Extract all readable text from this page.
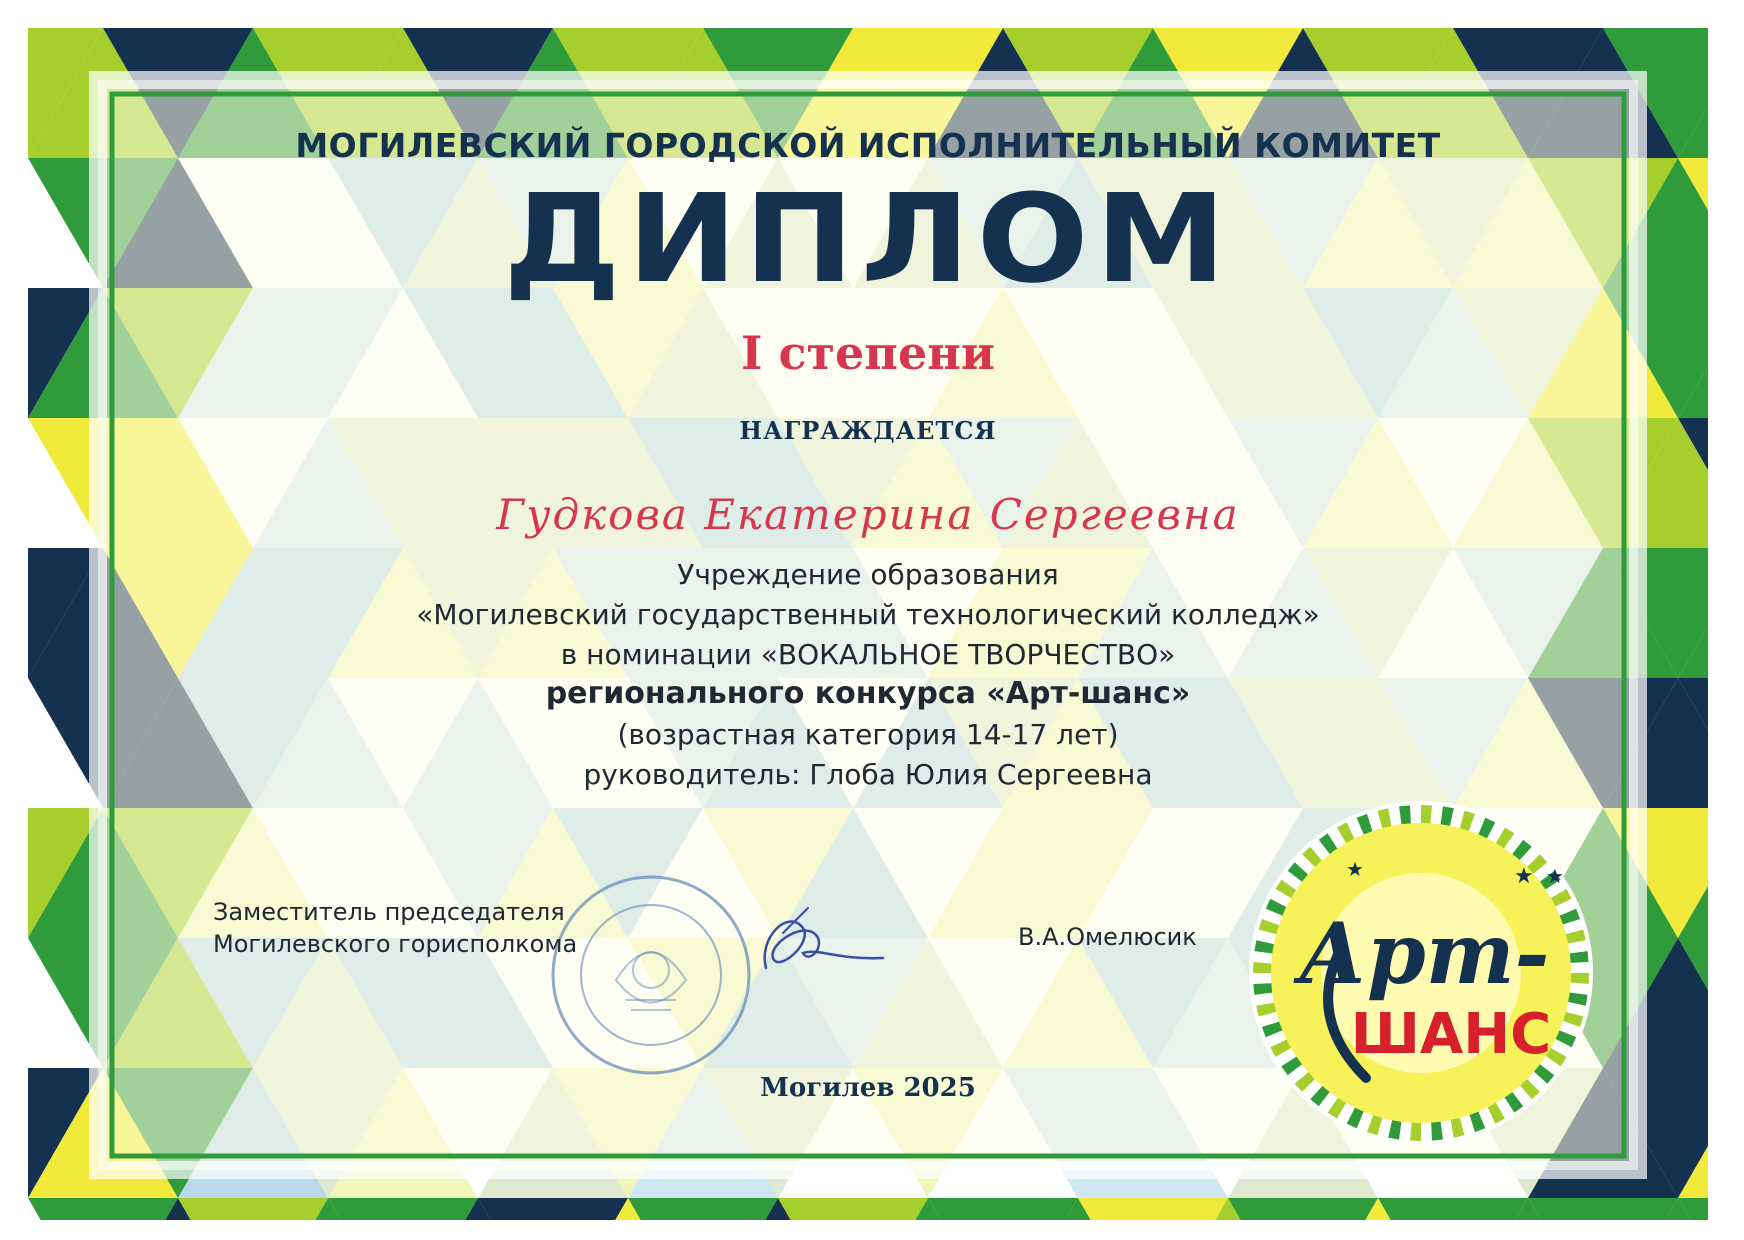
МОГИЛЕВСКИЙ ГОРОДСКОЙ ИСПОЛНИТЕЛЬНЫЙ КОМИТЕТ

ДИПЛОМ

I степени

НАГРАЖДАЕТСЯ

Гудкова Екатерина Сергеевна

Учреждение образования

«Могилевский государственный технологический колледж»

в номинации «ВОКАЛЬНОЕ ТВОРЧЕСТВО»

регионального конкурса «Арт-шанс»

(возрастная категория 14-17 лет)

руководитель: Глоба Юлия Сергеевна

Заместитель председателя
Могилевского горисполкома	В.А.Омелюсик

Могилев 2025

★ ★
★
Арт-
ШАНС
